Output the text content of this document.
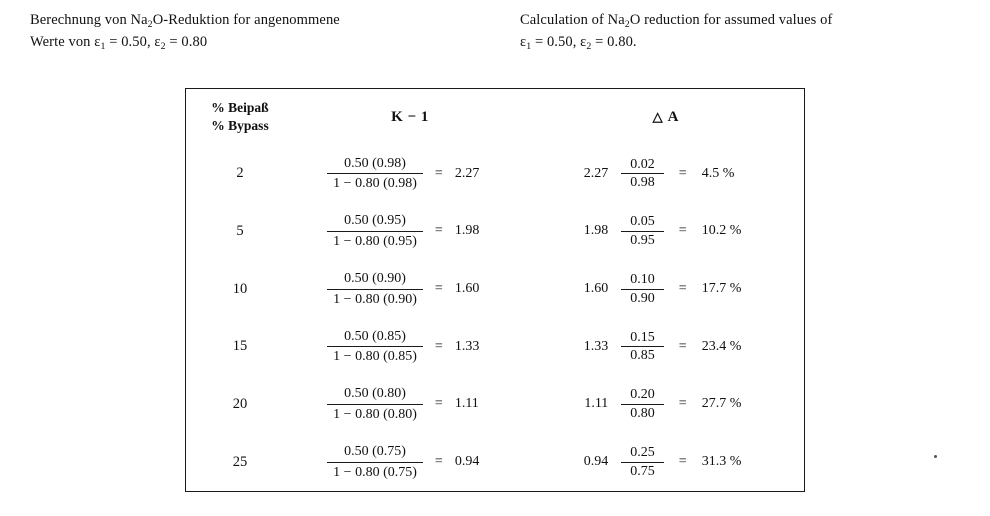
Berechnung von $Na_2O$-Reduktion for angenommene
Werte von $\varepsilon_1 = 0.50$, $\varepsilon_2 = 0.80$
Calculation of $Na_2O$ reduction for assumed values of
$\varepsilon_1 = 0.50$, $\varepsilon_2 = 0.80$.
% Beipaß
% Bypass	K − 1	△ A
2	$\frac{0.50 (0.98)}{1 - 0.80 (0.98)} = 2.27$	$2.27 \frac{0.02}{0.98} = 4.5$ %

5	$\frac{0.50 (0.95)}{1 - 0.80 (0.95)} = 1.98$	$1.98 \frac{0.05}{0.95} = 10.2$ %

10	$\frac{0.50 (0.90)}{1 - 0.80 (0.90)} = 1.60$	$1.60 \frac{0.10}{0.90} = 17.7$ %

15	$\frac{0.50 (0.85)}{1 - 0.80 (0.85)} = 1.33$	$1.33 \frac{0.15}{0.85} = 23.4$ %

20	$\frac{0.50 (0.80)}{1 - 0.80 (0.80)} = 1.11$	$1.11 \frac{0.20}{0.80} = 27.7$ %

25	$\frac{0.50 (0.75)}{1 - 0.80 (0.75)} = 0.94$	$0.94 \frac{0.25}{0.75} = 31.3$ %
